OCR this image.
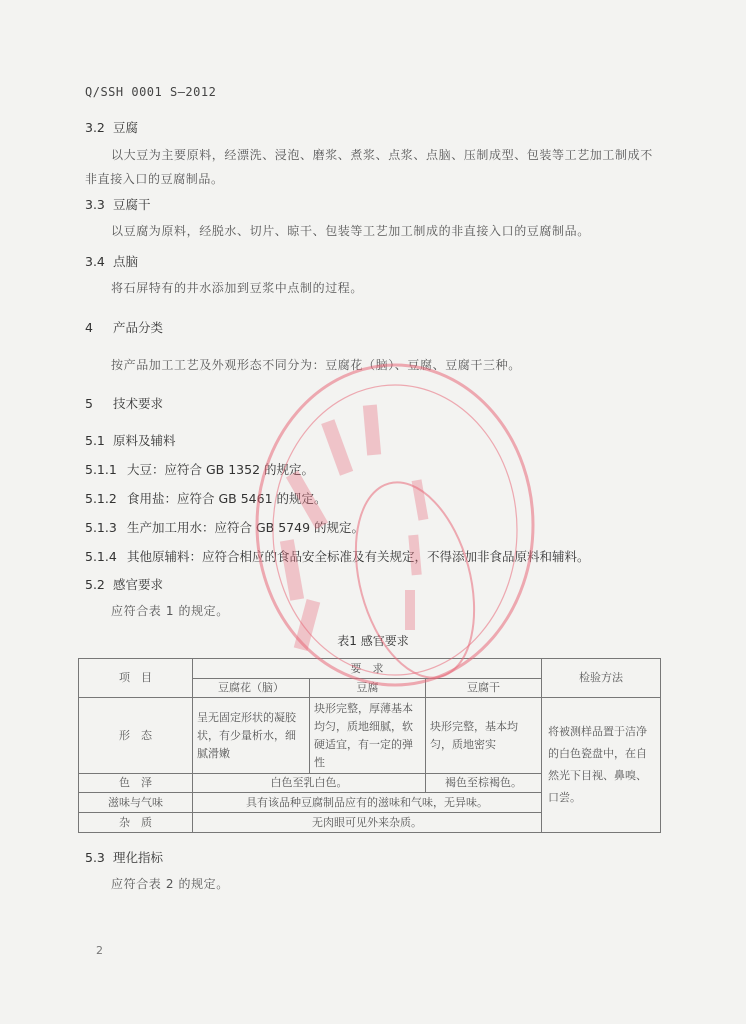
Q/SSH 0001 S—2012
3.2 豆腐
以大豆为主要原料，经漂洗、浸泡、磨浆、煮浆、点浆、点脑、压制成型、包装等工艺加工制成不非直接入口的豆腐制品。
3.3 豆腐干
以豆腐为原料，经脱水、切片、晾干、包装等工艺加工制成的非直接入口的豆腐制品。
3.4 点脑
将石屏特有的井水添加到豆浆中点制的过程。
4 产品分类
按产品加工工艺及外观形态不同分为：豆腐花（脑）、豆腐、豆腐干三种。
5 技术要求
5.1 原料及辅料
5.1.1 大豆：应符合 GB 1352 的规定。
5.1.2 食用盐：应符合 GB 5461 的规定。
5.1.3 生产加工用水：应符合 GB 5749 的规定。
5.1.4 其他原辅料：应符合相应的食品安全标准及有关规定，不得添加非食品原料和辅料。
5.2 感官要求
应符合表 1 的规定。
表1 感官要求
项　目	要　求			检验方法
	豆腐花（脑）	豆腐	豆腐干	
形　态	呈无固定形状的凝胶状，有少量析水，细腻滑嫩	块形完整，厚薄基本均匀，质地细腻，软硬适宜，有一定的弹性	块形完整，基本均匀，质地密实	将被测样品置于洁净的白色瓷盘中，在自然光下目视、鼻嗅、口尝。
色　泽	白色至乳白色。		褐色至棕褐色。	
滋味与气味	具有该品种豆腐制品应有的滋味和气味，无异味。			
杂　质	无肉眼可见外来杂质。			
5.3 理化指标
应符合表 2 的规定。
2
